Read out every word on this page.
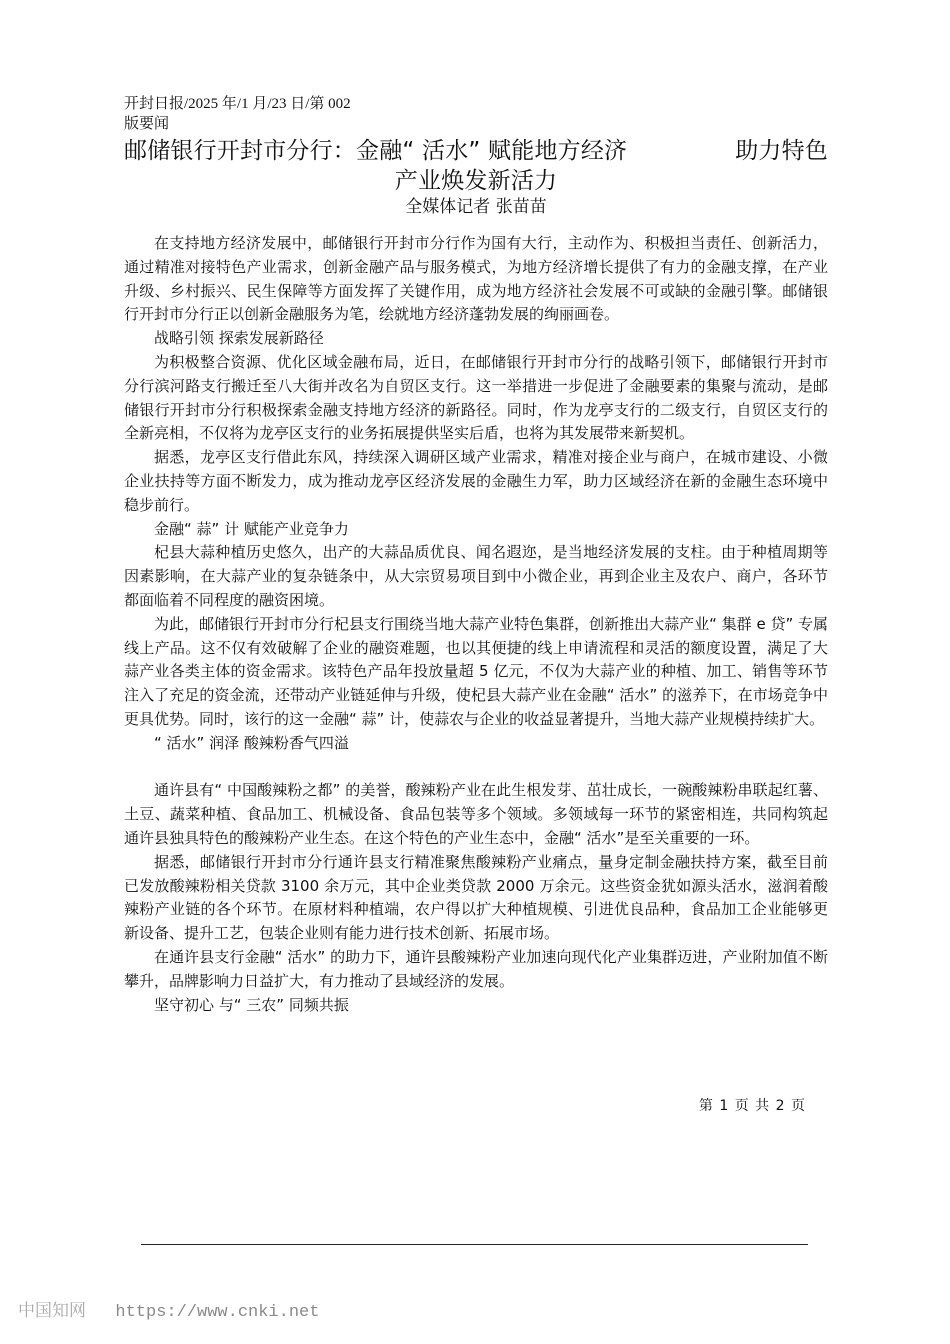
开封日报/2025 年/1 月/23 日/第 002

版要闻

邮储银行开封市分行：金融“ 活水” 赋能地方经济	助力特色
产业焕发新活力
全媒体记者 张苗苗

在支持地方经济发展中，邮储银行开封市分行作为国有大行，主动作为、积极担当责任、创新活力，通过精准对接特色产业需求，创新金融产品与服务模式，为地方经济增长提供了有力的金融支撑，在产业升级、乡村振兴、民生保障等方面发挥了关键作用，成为地方经济社会发展不可或缺的金融引擎。邮储银行开封市分行正以创新金融服务为笔，绘就地方经济蓬勃发展的绚丽画卷。

战略引领 探索发展新路径

为积极整合资源、优化区域金融布局，近日，在邮储银行开封市分行的战略引领下，邮储银行开封市分行滨河路支行搬迁至八大街并改名为自贸区支行。这一举措进一步促进了金融要素的集聚与流动，是邮储银行开封市分行积极探索金融支持地方经济的新路径。同时，作为龙亭支行的二级支行，自贸区支行的全新亮相，不仅将为龙亭区支行的业务拓展提供坚实后盾，也将为其发展带来新契机。

据悉，龙亭区支行借此东风，持续深入调研区域产业需求，精准对接企业与商户，在城市建设、小微企业扶持等方面不断发力，成为推动龙亭区经济发展的金融生力军，助力区域经济在新的金融生态环境中稳步前行。

金融“ 蒜” 计 赋能产业竞争力

杞县大蒜种植历史悠久，出产的大蒜品质优良、闻名遐迩，是当地经济发展的支柱。由于种植周期等因素影响，在大蒜产业的复杂链条中，从大宗贸易项目到中小微企业，再到企业主及农户、商户，各环节都面临着不同程度的融资困境。

为此，邮储银行开封市分行杞县支行围绕当地大蒜产业特色集群，创新推出大蒜产业“ 集群 e 贷” 专属线上产品。这不仅有效破解了企业的融资难题，也以其便捷的线上申请流程和灵活的额度设置，满足了大蒜产业各类主体的资金需求。该特色产品年投放量超 5 亿元，不仅为大蒜产业的种植、加工、销售等环节注入了充足的资金流，还带动产业链延伸与升级，使杞县大蒜产业在金融“ 活水” 的滋养下，在市场竞争中更具优势。同时，该行的这一金融“ 蒜” 计，使蒜农与企业的收益显著提升，当地大蒜产业规模持续扩大。

“ 活水” 润泽 酸辣粉香气四溢

通许县有“ 中国酸辣粉之都” 的美誉，酸辣粉产业在此生根发芽、茁壮成长，一碗酸辣粉串联起红薯、土豆、蔬菜种植、食品加工、机械设备、食品包装等多个领域。多领域每一环节的紧密相连，共同构筑起通许县独具特色的酸辣粉产业生态。在这个特色的产业生态中，金融“ 活水”是至关重要的一环。

据悉，邮储银行开封市分行通许县支行精准聚焦酸辣粉产业痛点，量身定制金融扶持方案，截至目前已发放酸辣粉相关贷款 3100 余万元，其中企业类贷款 2000 万余元。这些资金犹如源头活水，滋润着酸辣粉产业链的各个环节。在原材料种植端，农户得以扩大种植规模、引进优良品种，食品加工企业能够更新设备、提升工艺，包装企业则有能力进行技术创新、拓展市场。

在通许县支行金融“ 活水” 的助力下，通许县酸辣粉产业加速向现代化产业集群迈进，产业附加值不断攀升，品牌影响力日益扩大，有力推动了县域经济的发展。

坚守初心 与“ 三农” 同频共振

第 1 页 共 2 页
中国知网 https://www.cnki.net
